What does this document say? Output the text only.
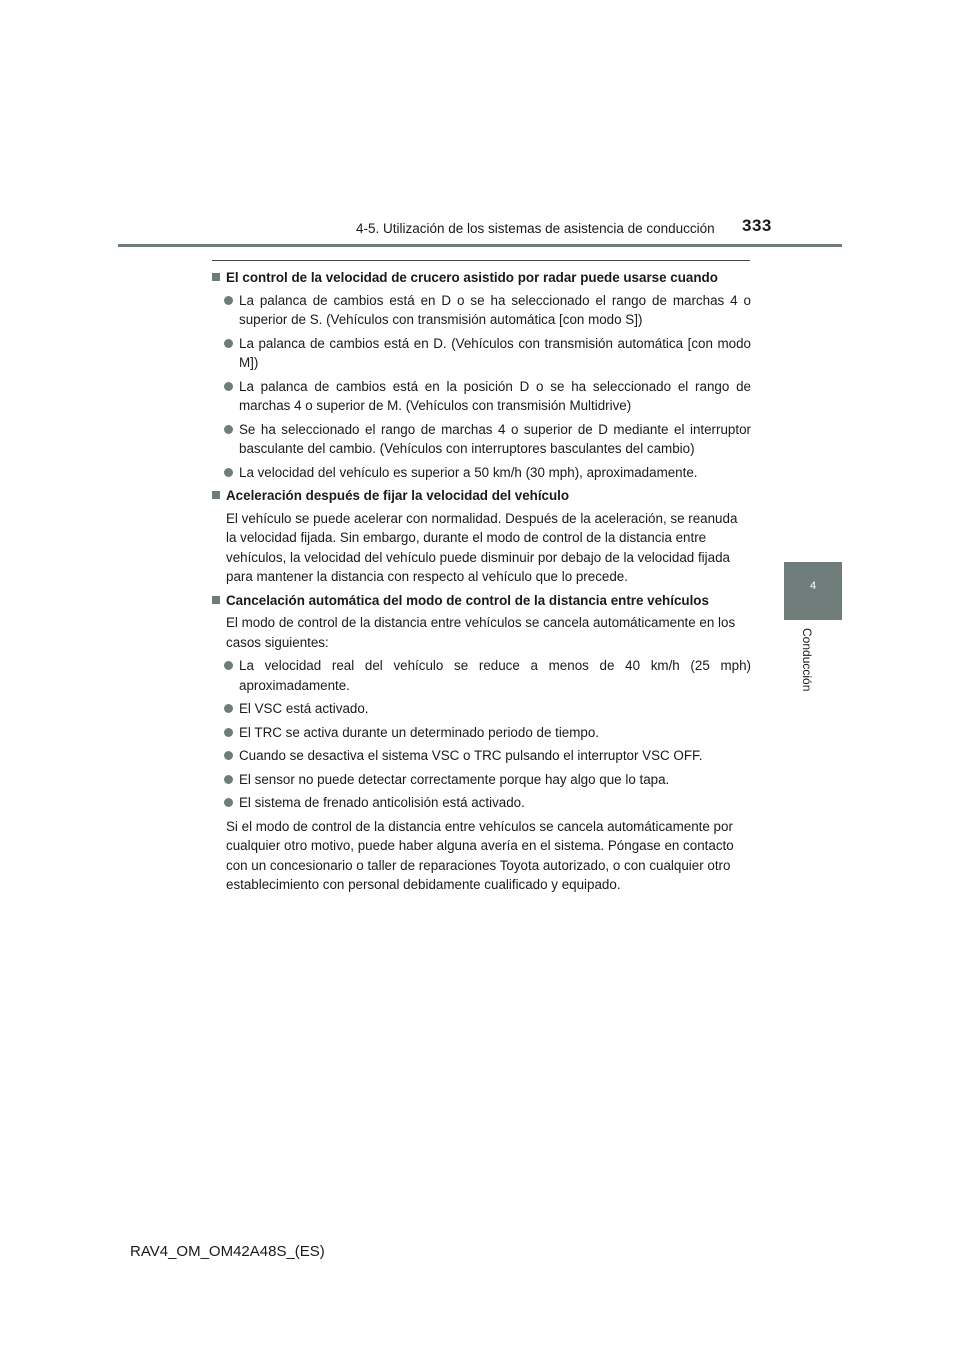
4-5. Utilización de los sistemas de asistencia de conducción 333
4
Conducción
El control de la velocidad de crucero asistido por radar puede usarse cuando
La palanca de cambios está en D o se ha seleccionado el rango de marchas 4 o superior de S. (Vehículos con transmisión automática [con modo S])
La palanca de cambios está en D. (Vehículos con transmisión automática [con modo M])
La palanca de cambios está en la posición D o se ha seleccionado el rango de marchas 4 o superior de M. (Vehículos con transmisión Multidrive)
Se ha seleccionado el rango de marchas 4 o superior de D mediante el interruptor basculante del cambio. (Vehículos con interruptores basculantes del cambio)
La velocidad del vehículo es superior a 50 km/h (30 mph), aproximadamente.
Aceleración después de fijar la velocidad del vehículo
El vehículo se puede acelerar con normalidad. Después de la aceleración, se reanuda la velocidad fijada. Sin embargo, durante el modo de control de la distancia entre vehículos, la velocidad del vehículo puede disminuir por debajo de la velocidad fijada para mantener la distancia con respecto al vehículo que lo precede.
Cancelación automática del modo de control de la distancia entre vehículos
El modo de control de la distancia entre vehículos se cancela automáticamente en los casos siguientes:
La velocidad real del vehículo se reduce a menos de 40 km/h (25 mph) aproximadamente.
El VSC está activado.
El TRC se activa durante un determinado periodo de tiempo.
Cuando se desactiva el sistema VSC o TRC pulsando el interruptor VSC OFF.
El sensor no puede detectar correctamente porque hay algo que lo tapa.
El sistema de frenado anticolisión está activado.
Si el modo de control de la distancia entre vehículos se cancela automáticamente por cualquier otro motivo, puede haber alguna avería en el sistema. Póngase en contacto con un concesionario o taller de reparaciones Toyota autorizado, o con cualquier otro establecimiento con personal debidamente cualificado y equipado.
RAV4_OM_OM42A48S_(ES)
